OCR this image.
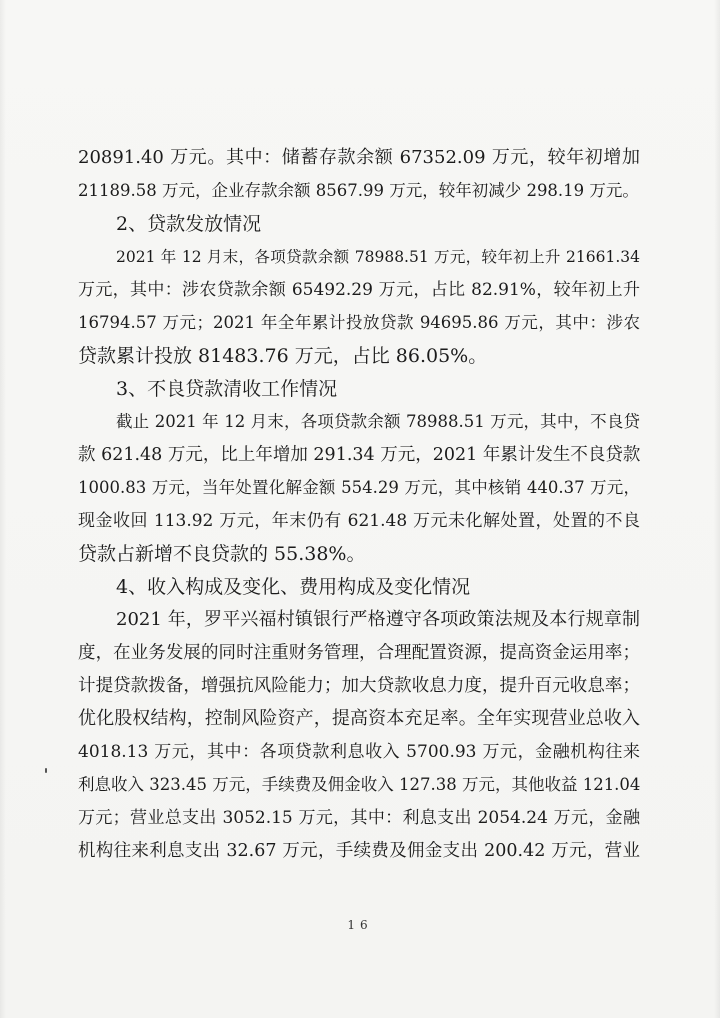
20891.40 万元。其中：储蓄存款余额 67352.09 万元，较年初增加
21189.58 万元，企业存款余额 8567.99 万元，较年初减少 298.19 万元。
2、贷款发放情况
2021 年 12 月末，各项贷款余额 78988.51 万元，较年初上升 21661.34
万元，其中：涉农贷款余额 65492.29 万元，占比 82.91%，较年初上升
16794.57 万元；2021 年全年累计投放贷款 94695.86 万元，其中：涉农
贷款累计投放 81483.76 万元，占比 86.05%。
3、不良贷款清收工作情况
截止 2021 年 12 月末，各项贷款余额 78988.51 万元，其中，不良贷
款 621.48 万元，比上年增加 291.34 万元，2021 年累计发生不良贷款
1000.83 万元，当年处置化解金额 554.29 万元，其中核销 440.37 万元，
现金收回 113.92 万元，年末仍有 621.48 万元未化解处置，处置的不良
贷款占新增不良贷款的 55.38%。
4、收入构成及变化、费用构成及变化情况
2021 年，罗平兴福村镇银行严格遵守各项政策法规及本行规章制
度，在业务发展的同时注重财务管理，合理配置资源，提高资金运用率；
计提贷款拨备，增强抗风险能力；加大贷款收息力度，提升百元收息率；
优化股权结构，控制风险资产，提高资本充足率。全年实现营业总收入
4018.13 万元，其中：各项贷款利息收入 5700.93 万元，金融机构往来
利息收入 323.45 万元，手续费及佣金收入 127.38 万元，其他收益 121.04
万元；营业总支出 3052.15 万元，其中：利息支出 2054.24 万元，金融
机构往来利息支出 32.67 万元，手续费及佣金支出 200.42 万元，营业
16
